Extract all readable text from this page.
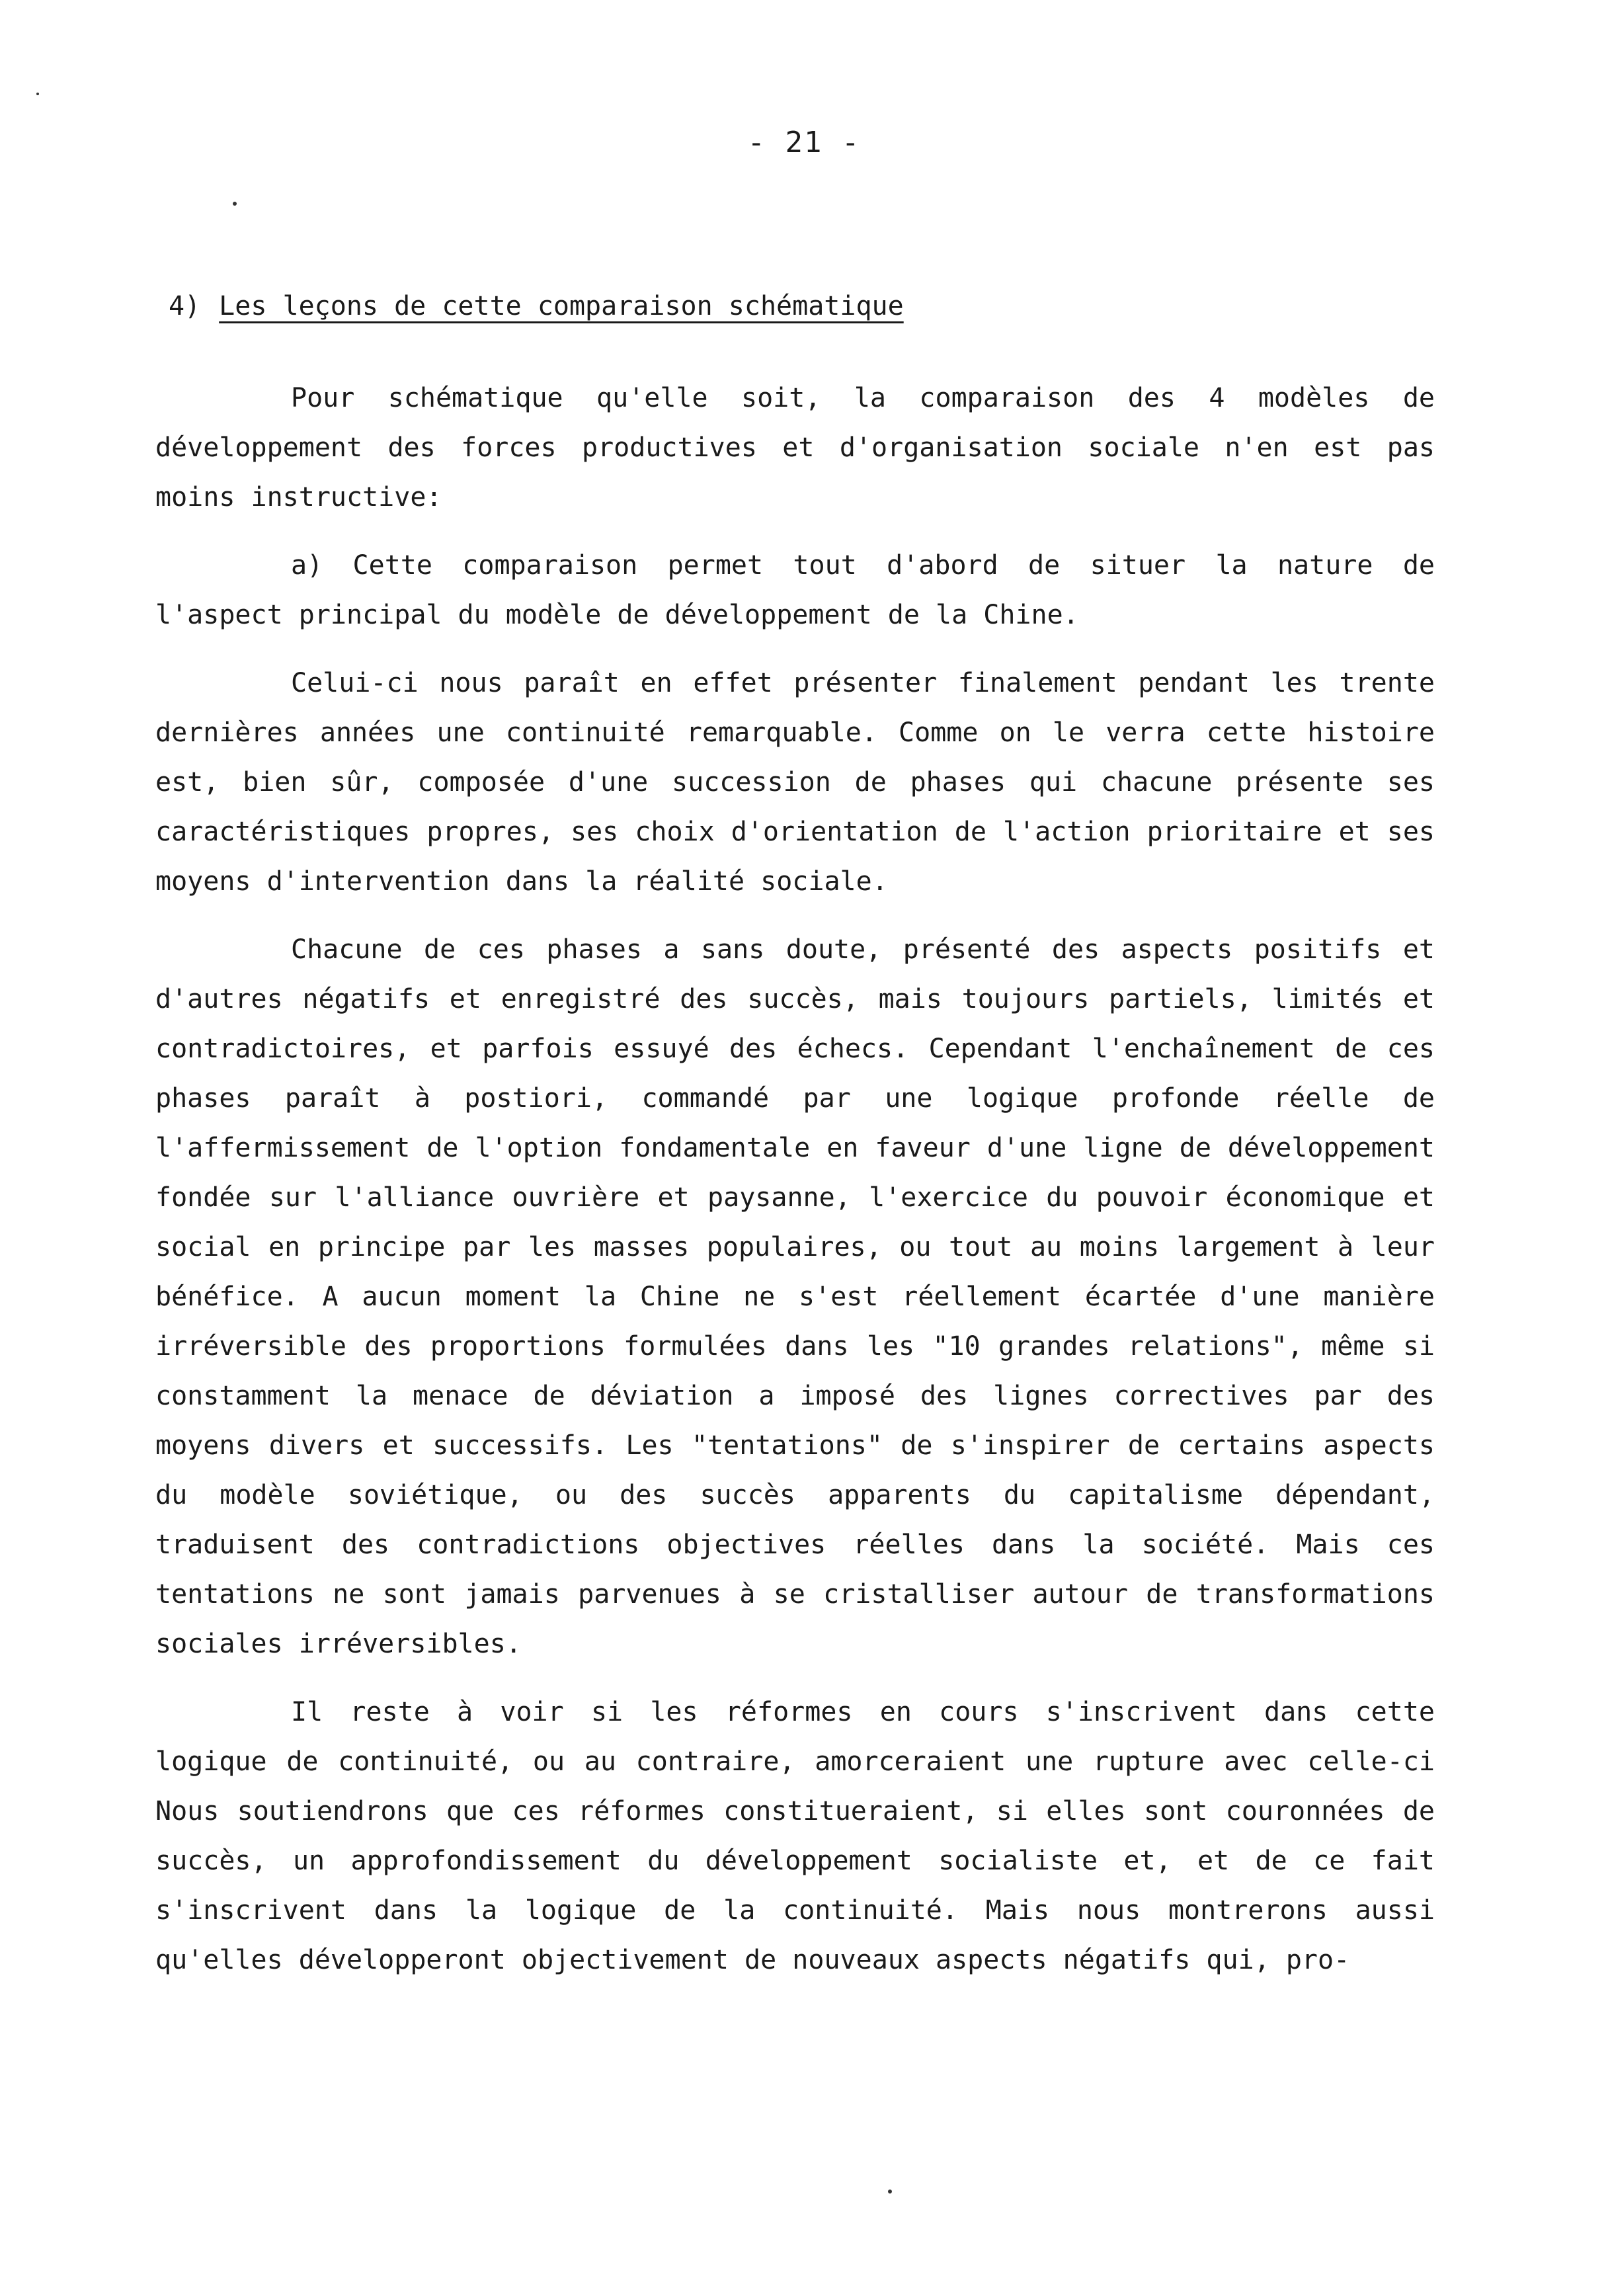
- 21 -
4) Les leçons de cette comparaison schématique

Pour schématique qu'elle soit, la comparaison des 4 modèles de développement des forces productives et d'organisation sociale n'en est pas moins instructive:

a) Cette comparaison permet tout d'abord de situer la nature de l'aspect principal du modèle de développement de la Chine.

Celui-ci nous paraît en effet présenter finalement pendant les trente dernières années une continuité remarquable. Comme on le verra cette histoire est, bien sûr, composée d'une succession de phases qui chacune présente ses caractéristiques propres, ses choix d'orientation de l'action prioritaire et ses moyens d'intervention dans la réalité sociale.

Chacune de ces phases a sans doute, présenté des aspects positifs et d'autres négatifs et enregistré des succès, mais toujours partiels, limités et contradictoires, et parfois essuyé des échecs. Cependant l'enchaînement de ces phases paraît à postiori, commandé par une logique profonde réelle de l'affermissement de l'option fondamentale en faveur d'une ligne de développement fondée sur l'alliance ouvrière et paysanne, l'exercice du pouvoir économique et social en principe par les masses populaires, ou tout au moins largement à leur bénéfice. A aucun moment la Chine ne s'est réellement écartée d'une manière irréversible des proportions formulées dans les "10 grandes relations", même si constamment la menace de déviation a imposé des lignes correctives par des moyens divers et successifs. Les "tentations" de s'inspirer de certains aspects du modèle soviétique, ou des succès apparents du capitalisme dépendant, traduisent des contradictions objectives réelles dans la société. Mais ces tentations ne sont jamais parvenues à se cristalliser autour de transformations sociales irréversibles.

Il reste à voir si les réformes en cours s'inscrivent dans cette logique de continuité, ou au contraire, amorceraient une rupture avec celle-ci Nous soutiendrons que ces réformes constitueraient, si elles sont couronnées de succès, un approfondissement du développement socialiste et, et de ce fait s'inscrivent dans la logique de la continuité. Mais nous montrerons aussi qu'elles développeront objectivement de nouveaux aspects négatifs qui, pro-
